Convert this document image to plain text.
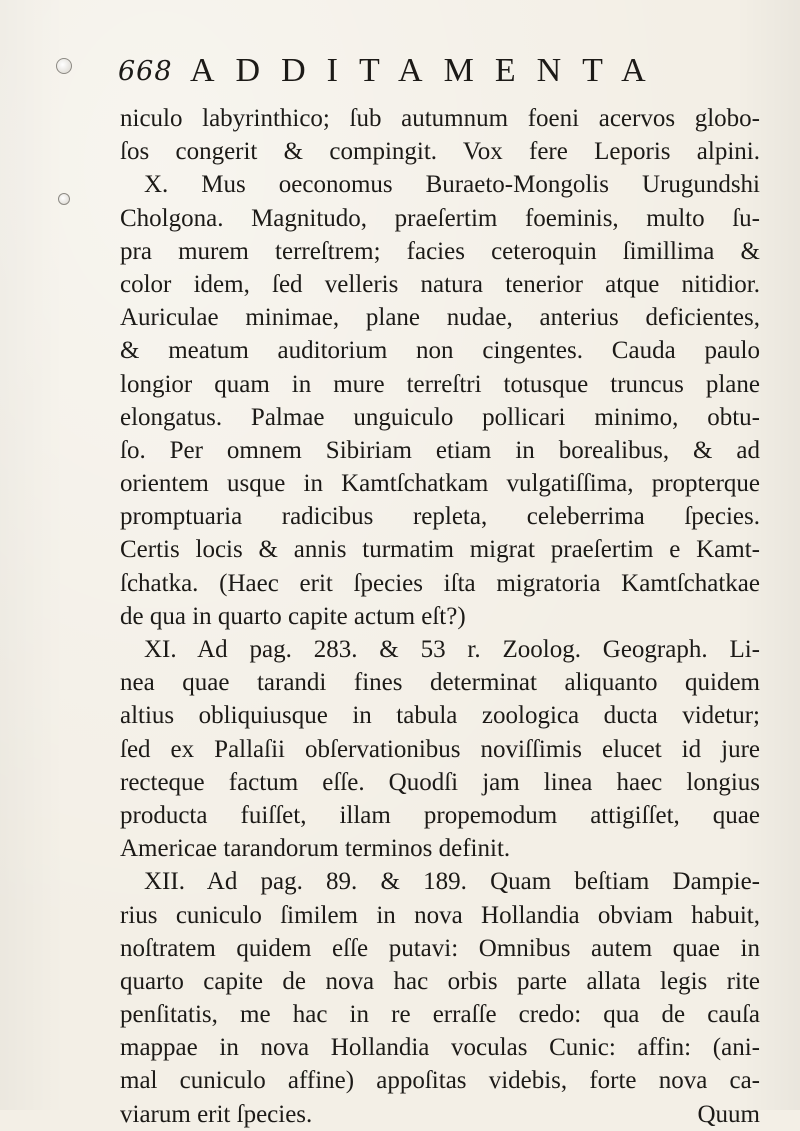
668 ADDITAMENTA
niculo labyrinthico; ſub autumnum foeni acervos globo-
ſos congerit & compingit. Vox fere Leporis alpini.
X. Mus oeconomus Buraeto-Mongolis Urugundshi
Cholgona. Magnitudo, praeſertim foeminis, multo ſu-
pra murem terreſtrem; facies ceteroquin ſimillima &
color idem, ſed velleris natura tenerior atque nitidior.
Auriculae minimae, plane nudae, anterius deficientes,
& meatum auditorium non cingentes. Cauda paulo
longior quam in mure terreſtri totusque truncus plane
elongatus. Palmae unguiculo pollicari minimo, obtu-
ſo. Per omnem Sibiriam etiam in borealibus, & ad
orientem usque in Kamtſchatkam vulgatiſſima, propterque
promptuaria radicibus repleta, celeberrima ſpecies.
Certis locis & annis turmatim migrat praeſertim e Kamt-
ſchatka. (Haec erit ſpecies iſta migratoria Kamtſchatkae
de qua in quarto capite actum eſt?)
XI. Ad pag. 283. & 53 r. Zoolog. Geograph. Li-
nea quae tarandi fines determinat aliquanto quidem
altius obliquiusque in tabula zoologica ducta videtur;
ſed ex Pallaſii obſervationibus noviſſimis elucet id jure
recteque factum eſſe. Quodſi jam linea haec longius
producta fuiſſet, illam propemodum attigiſſet, quae
Americae tarandorum terminos definit.
XII. Ad pag. 89. & 189. Quam beſtiam Dampie-
rius cuniculo ſimilem in nova Hollandia obviam habuit,
noſtratem quidem eſſe putavi: Omnibus autem quae in
quarto capite de nova hac orbis parte allata legis rite
penſitatis, me hac in re erraſſe credo: qua de cauſa
mappae in nova Hollandia voculas Cunic: affin: (ani-
mal cuniculo affine) appoſitas videbis, forte nova ca-
viarum erit ſpecies.	Quum
